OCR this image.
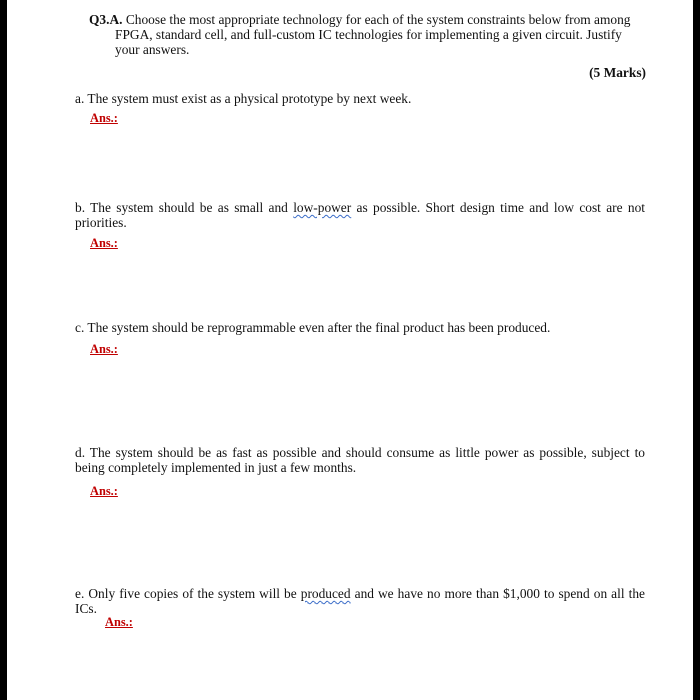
Q3.A. Choose the most appropriate technology for each of the system constraints below from among FPGA, standard cell, and full-custom IC technologies for implementing a given circuit. Justify your answers.
(5 Marks)
a. The system must exist as a physical prototype by next week.
Ans.:
b. The system should be as small and low-power as possible. Short design time and low cost are not priorities.
Ans.:
c. The system should be reprogrammable even after the final product has been produced.
Ans.:
d. The system should be as fast as possible and should consume as little power as possible, subject to being completely implemented in just a few months.
Ans.:
e. Only five copies of the system will be produced and we have no more than $1,000 to spend on all the ICs.
Ans.:
